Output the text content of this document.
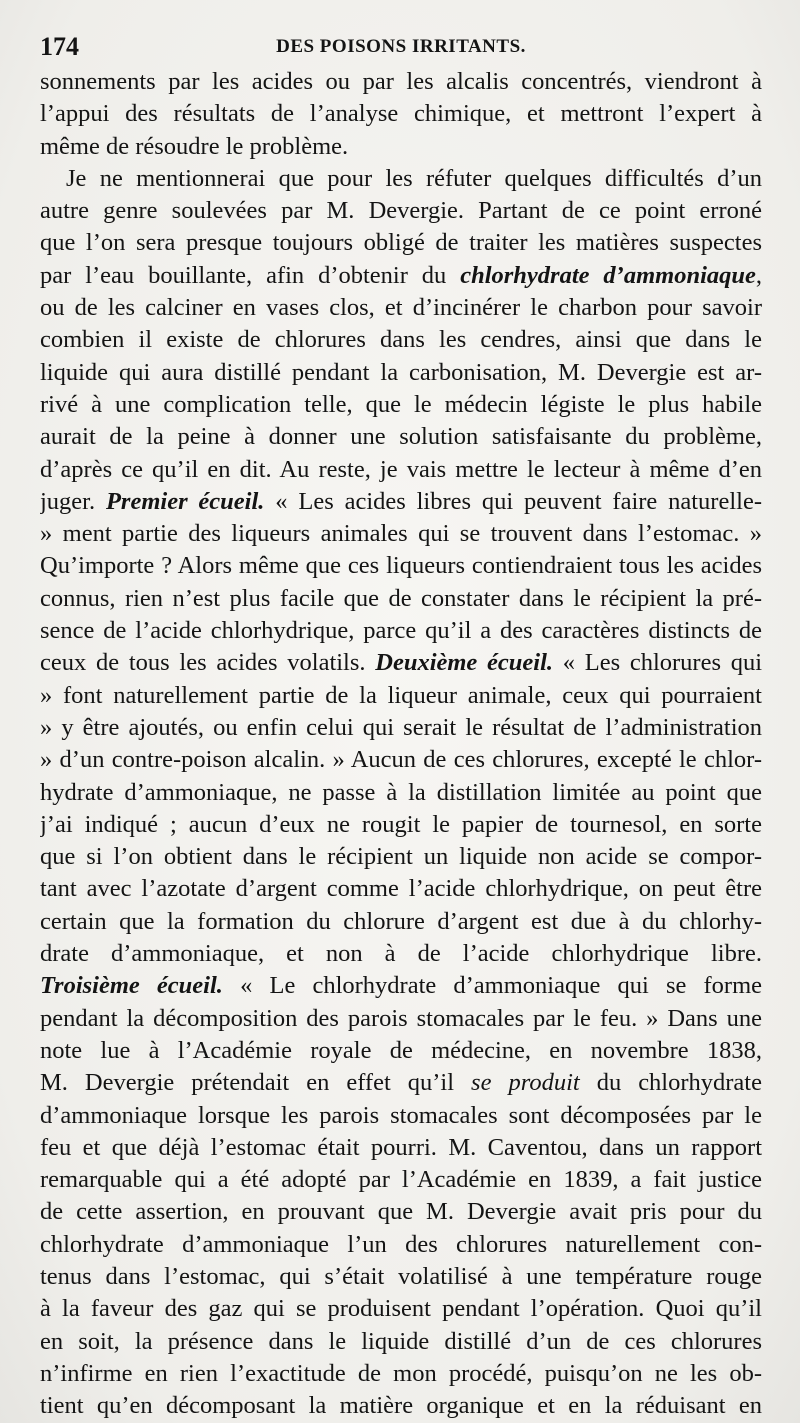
174	DES POISONS IRRITANTS.
sonnements par les acides ou par les alcalis concentrés, viendront à
l’appui des résultats de l’analyse chimique, et mettront l’expert à
même de résoudre le problème.
Je ne mentionnerai que pour les réfuter quelques difficultés d’un
autre genre soulevées par M. Devergie. Partant de ce point erroné
que l’on sera presque toujours obligé de traiter les matières suspectes
par l’eau bouillante, afin d’obtenir du chlorhydrate d’ammoniaque,
ou de les calciner en vases clos, et d’incinérer le charbon pour savoir
combien il existe de chlorures dans les cendres, ainsi que dans le
liquide qui aura distillé pendant la carbonisation, M. Devergie est ar-
rivé à une complication telle, que le médecin légiste le plus habile
aurait de la peine à donner une solution satisfaisante du problème,
d’après ce qu’il en dit. Au reste, je vais mettre le lecteur à même d’en
juger. Premier écueil. « Les acides libres qui peuvent faire naturelle-
» ment partie des liqueurs animales qui se trouvent dans l’estomac. »
Qu’importe ? Alors même que ces liqueurs contiendraient tous les acides
connus, rien n’est plus facile que de constater dans le récipient la pré-
sence de l’acide chlorhydrique, parce qu’il a des caractères distincts de
ceux de tous les acides volatils. Deuxième écueil. « Les chlorures qui
» font naturellement partie de la liqueur animale, ceux qui pourraient
» y être ajoutés, ou enfin celui qui serait le résultat de l’administration
» d’un contre-poison alcalin. » Aucun de ces chlorures, excepté le chlor-
hydrate d’ammoniaque, ne passe à la distillation limitée au point que
j’ai indiqué ; aucun d’eux ne rougit le papier de tournesol, en sorte
que si l’on obtient dans le récipient un liquide non acide se compor-
tant avec l’azotate d’argent comme l’acide chlorhydrique, on peut être
certain que la formation du chlorure d’argent est due à du chlorhy-
drate d’ammoniaque, et non à de l’acide chlorhydrique libre.
Troisième écueil. « Le chlorhydrate d’ammoniaque qui se forme
pendant la décomposition des parois stomacales par le feu. » Dans une
note lue à l’Académie royale de médecine, en novembre 1838,
M. Devergie prétendait en effet qu’il se produit du chlorhydrate
d’ammoniaque lorsque les parois stomacales sont décomposées par le
feu et que déjà l’estomac était pourri. M. Caventou, dans un rapport
remarquable qui a été adopté par l’Académie en 1839, a fait justice
de cette assertion, en prouvant que M. Devergie avait pris pour du
chlorhydrate d’ammoniaque l’un des chlorures naturellement con-
tenus dans l’estomac, qui s’était volatilisé à une température rouge
à la faveur des gaz qui se produisent pendant l’opération. Quoi qu’il
en soit, la présence dans le liquide distillé d’un de ces chlorures
n’infirme en rien l’exactitude de mon procédé, puisqu’on ne les ob-
tient qu’en décomposant la matière organique et en la réduisant en
